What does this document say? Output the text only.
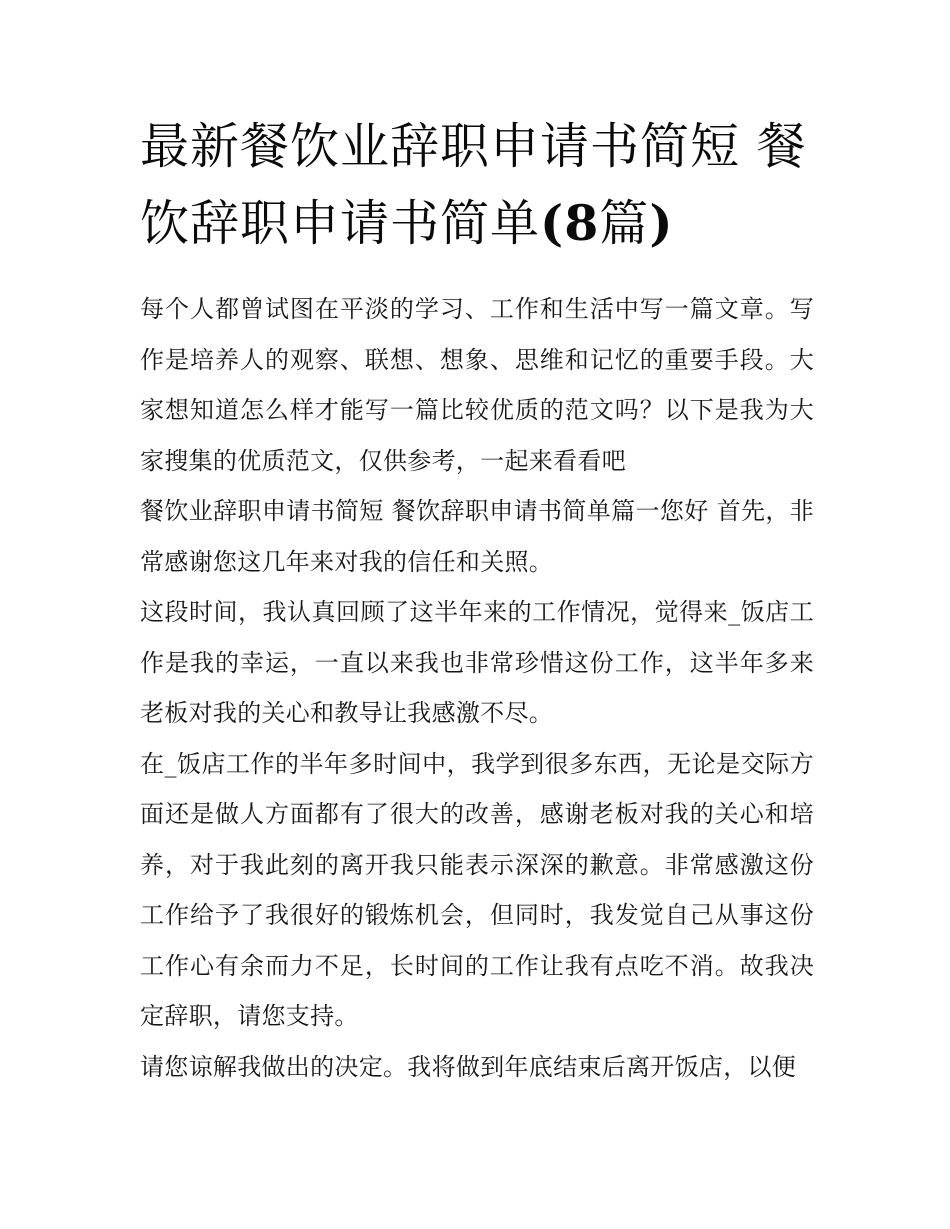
最新餐饮业辞职申请书简短 餐饮辞职申请书简单(8篇)

每个人都曾试图在平淡的学习、工作和生活中写一篇文章。写作是培养人的观察、联想、想象、思维和记忆的重要手段。大家想知道怎么样才能写一篇比较优质的范文吗？以下是我为大家搜集的优质范文，仅供参考，一起来看看吧

餐饮业辞职申请书简短 餐饮辞职申请书简单篇一您好 首先，非常感谢您这几年来对我的信任和关照。

这段时间，我认真回顾了这半年来的工作情况，觉得来_饭店工作是我的幸运，一直以来我也非常珍惜这份工作，这半年多来老板对我的关心和教导让我感激不尽。

在_饭店工作的半年多时间中，我学到很多东西，无论是交际方面还是做人方面都有了很大的改善，感谢老板对我的关心和培养，对于我此刻的离开我只能表示深深的歉意。非常感激这份工作给予了我很好的锻炼机会，但同时，我发觉自己从事这份工作心有余而力不足，长时间的工作让我有点吃不消。故我决定辞职，请您支持。

请您谅解我做出的决定。我将做到年底结束后离开饭店，以便
